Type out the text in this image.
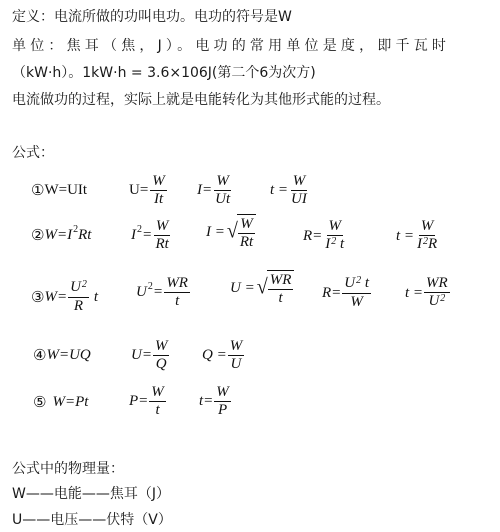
定义：电流所做的功叫电功。电功的符号是W
单位：焦耳（焦，J）。电功的常用单位是度，即千瓦时
（kW·h）。1kW·h = 3.6×106J(第二个6为次方)
电流做功的过程，实际上就是电能转化为其他形式能的过程。
公式：
① W=UIt	$U= \frac{W}{It} I= \frac{W}{Ut}$	$t = \frac{W}{UI}$
② W=I 2 Rt	I $2 = \frac{W}{Rt}$ I = √ $\frac{W}{Rt}$	$R= \frac{W}{I^2 t}$	$t = \frac{W}{I^2R}$
③ $W= \frac{U^2}{R}$ t	U $2 = \frac{WR}{t}$	U = √ $\frac{WR}{t} R= \frac{U^2 t}{W}$ $t = \frac{WR}{U^2}$
④ W=UQ	$U= \frac{W}{Q}$ $Q = \frac{W}{U}$
⑤ W=Pt	$P= \frac{W}{t} t= \frac{W}{P}$
公式中的物理量：
W——电能——焦耳（J）
U——电压——伏特（V）
